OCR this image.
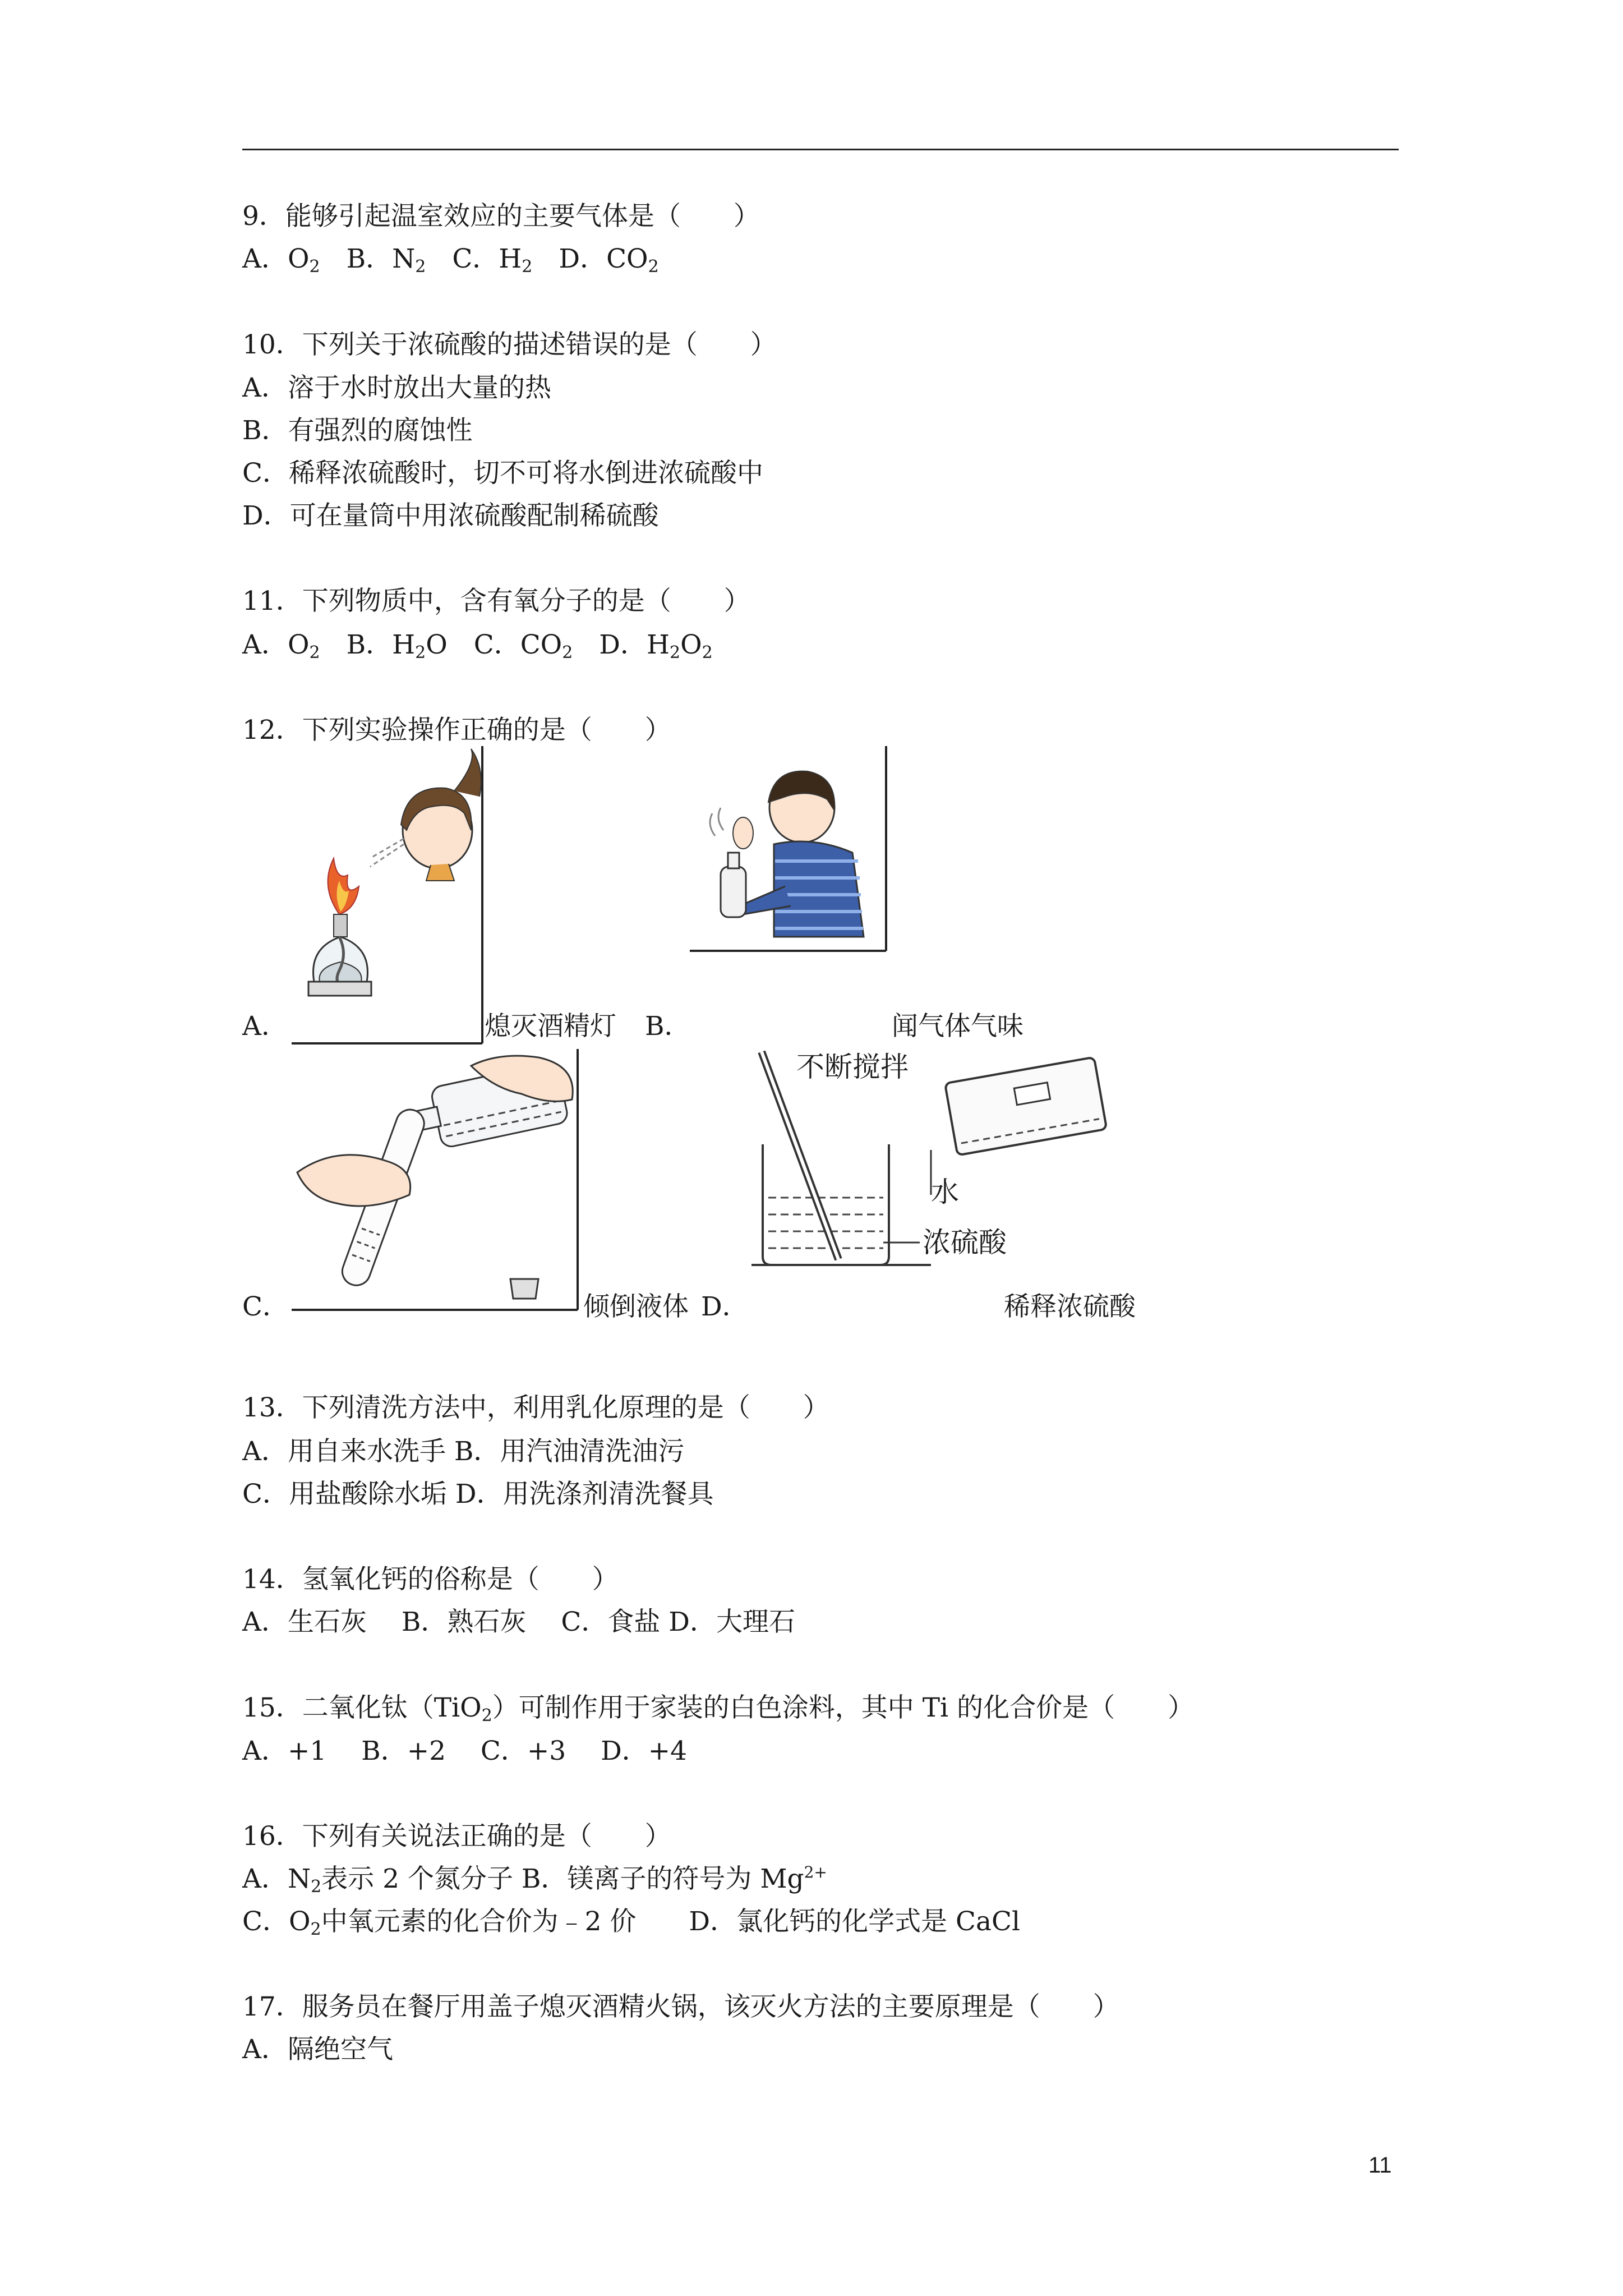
9．能够引起温室效应的主要气体是（　　）
A．$O_2$　B．$N_2$　C．$H_2$　D．$CO_2$
10．下列关于浓硫酸的描述错误的是（　　）
A．溶于水时放出大量的热
B．有强烈的腐蚀性
C．稀释浓硫酸时，切不可将水倒进浓硫酸中
D．可在量筒中用浓硫酸配制稀硫酸
11．下列物质中，含有氧分子的是（　　）
A．$O_2$　B．$H_2O$　C．$CO_2$　D．$H_2O_2$
12．下列实验操作正确的是（　　）
A．	熄灭酒精灯 B．	闻气体气味
C．	倾倒液体 D．
不断搅拌
水
浓硫酸
稀释浓硫酸
13．下列清洗方法中，利用乳化原理的是（　　）
A．用自来水洗手 B．用汽油清洗油污
C．用盐酸除水垢 D．用洗涤剂清洗餐具
14．氢氧化钙的俗称是（　　）
A．生石灰　 B．熟石灰　 C．食盐 D．大理石
15．二氧化钛（TiO$_2$）可制作用于家装的白色涂料，其中 Ti 的化合价是（　　）
A．+1　 B．+2　 C．+3　 D．+4
16．下列有关说法正确的是（　　）
A．$N_2$表示 2 个氮分子 B．镁离子的符号为 $Mg^{2+}$
C．$O_2$中氧元素的化合价为﹣2 价　　D．氯化钙的化学式是 CaCl
17．服务员在餐厅用盖子熄灭酒精火锅，该灭火方法的主要原理是（　　）
A．隔绝空气
11
